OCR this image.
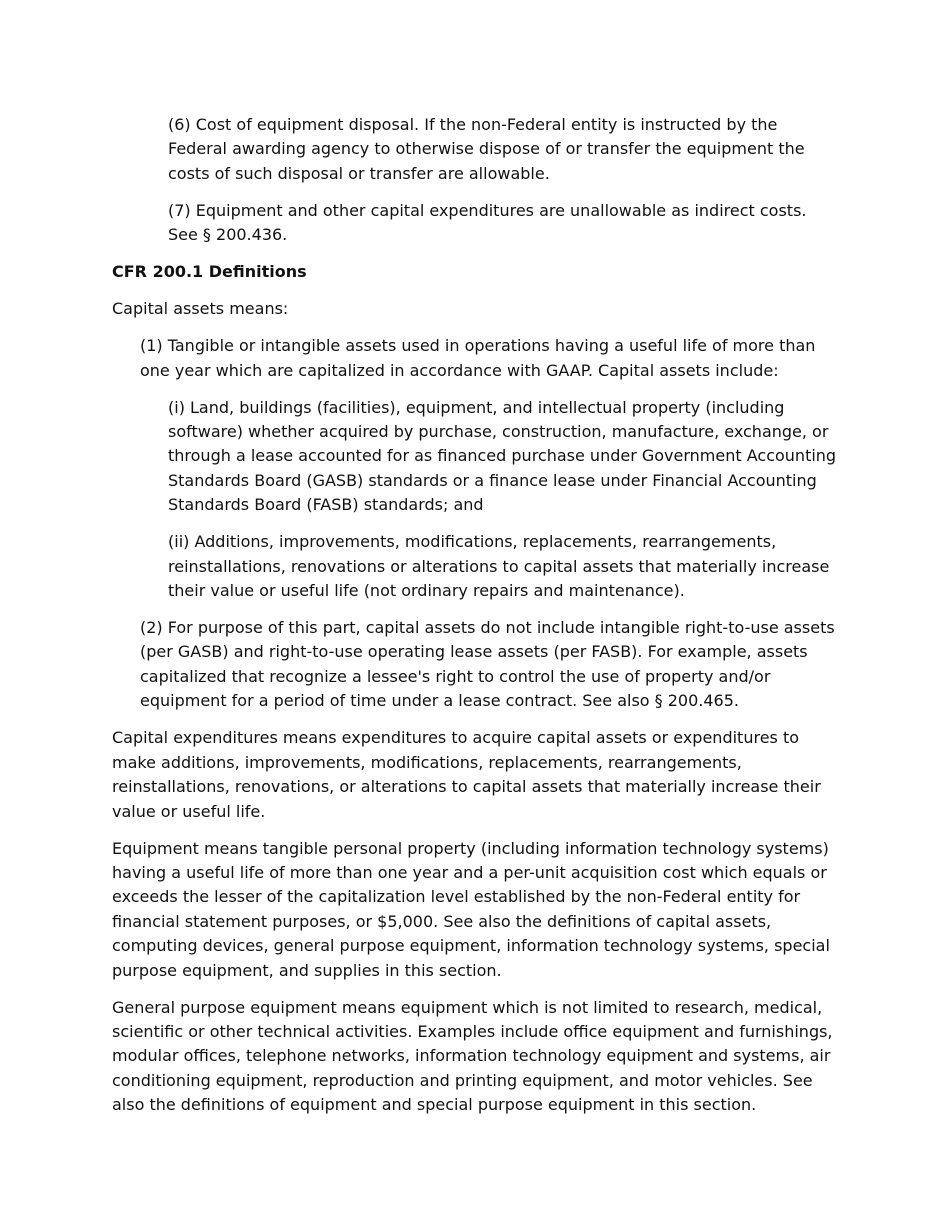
(6) Cost of equipment disposal. If the non-Federal entity is instructed by the Federal awarding agency to otherwise dispose of or transfer the equipment the costs of such disposal or transfer are allowable.

(7) Equipment and other capital expenditures are unallowable as indirect costs. See § 200.436.

CFR 200.1 Definitions

Capital assets means:

(1) Tangible or intangible assets used in operations having a useful life of more than one year which are capitalized in accordance with GAAP. Capital assets include:

(i) Land, buildings (facilities), equipment, and intellectual property (including software) whether acquired by purchase, construction, manufacture, exchange, or through a lease accounted for as financed purchase under Government Accounting Standards Board (GASB) standards or a finance lease under Financial Accounting Standards Board (FASB) standards; and

(ii) Additions, improvements, modifications, replacements, rearrangements, reinstallations, renovations or alterations to capital assets that materially increase their value or useful life (not ordinary repairs and maintenance).

(2) For purpose of this part, capital assets do not include intangible right-to-use assets (per GASB) and right-to-use operating lease assets (per FASB). For example, assets capitalized that recognize a lessee's right to control the use of property and/or equipment for a period of time under a lease contract. See also § 200.465.

Capital expenditures means expenditures to acquire capital assets or expenditures to make additions, improvements, modifications, replacements, rearrangements, reinstallations, renovations, or alterations to capital assets that materially increase their value or useful life.

Equipment means tangible personal property (including information technology systems) having a useful life of more than one year and a per-unit acquisition cost which equals or exceeds the lesser of the capitalization level established by the non-Federal entity for financial statement purposes, or $5,000. See also the definitions of capital assets, computing devices, general purpose equipment, information technology systems, special purpose equipment, and supplies in this section.

General purpose equipment means equipment which is not limited to research, medical, scientific or other technical activities. Examples include office equipment and furnishings, modular offices, telephone networks, information technology equipment and systems, air conditioning equipment, reproduction and printing equipment, and motor vehicles. See also the definitions of equipment and special purpose equipment in this section.
